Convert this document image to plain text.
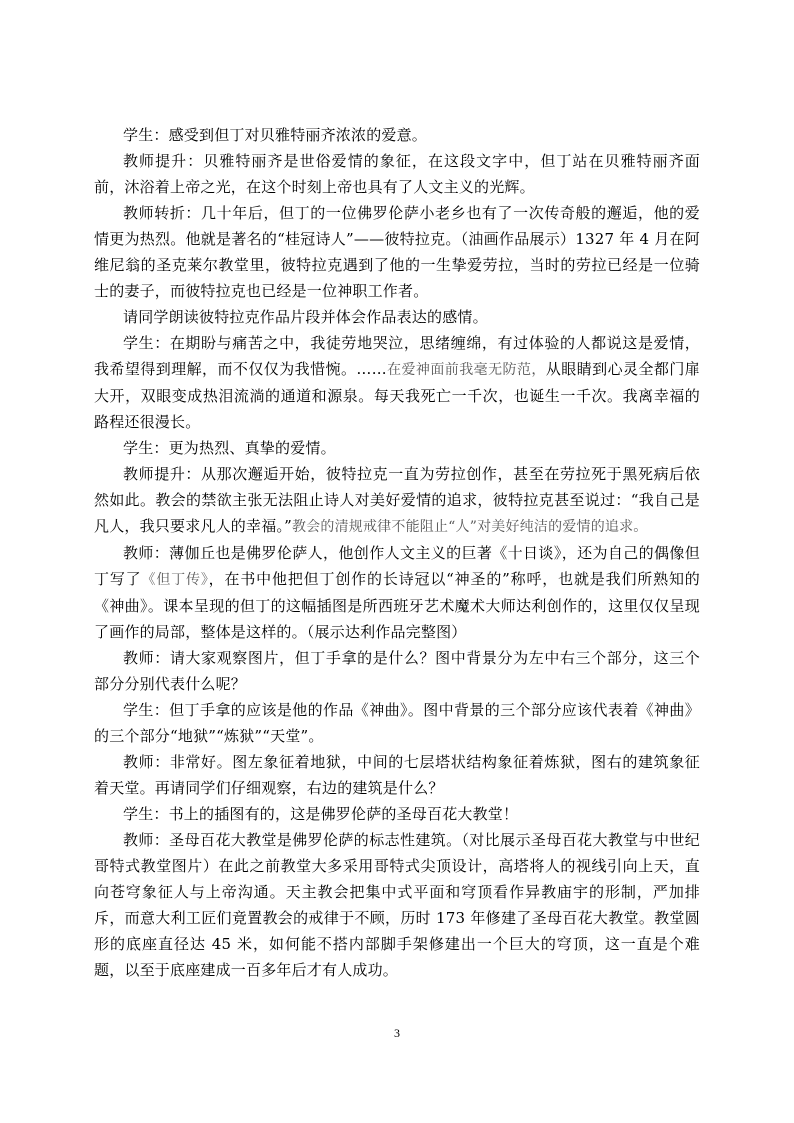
学生：感受到但丁对贝雅特丽齐浓浓的爱意。

教师提升：贝雅特丽齐是世俗爱情的象征，在这段文字中，但丁站在贝雅特丽齐面前，沐浴着上帝之光，在这个时刻上帝也具有了人文主义的光辉。

教师转折：几十年后，但丁的一位佛罗伦萨小老乡也有了一次传奇般的邂逅，他的爱情更为热烈。他就是著名的“桂冠诗人”——彼特拉克。（油画作品展示）1327 年 4 月在阿维尼翁的圣克莱尔教堂里，彼特拉克遇到了他的一生挚爱劳拉，当时的劳拉已经是一位骑士的妻子，而彼特拉克也已经是一位神职工作者。

请同学朗读彼特拉克作品片段并体会作品表达的感情。

学生：在期盼与痛苦之中，我徒劳地哭泣，思绪缠绵，有过体验的人都说这是爱情，我希望得到理解，而不仅仅为我惜惋。……在爱神面前我毫无防范，从眼睛到心灵全都门扉大开，双眼变成热泪流淌的通道和源泉。每天我死亡一千次，也诞生一千次。我离幸福的路程还很漫长。

学生：更为热烈、真挚的爱情。

教师提升：从那次邂逅开始，彼特拉克一直为劳拉创作，甚至在劳拉死于黑死病后依然如此。教会的禁欲主张无法阻止诗人对美好爱情的追求，彼特拉克甚至说过：“我自己是凡人，我只要求凡人的幸福。”教会的清规戒律不能阻止“人”对美好纯洁的爱情的追求。

教师：薄伽丘也是佛罗伦萨人，他创作人文主义的巨著《十日谈》，还为自己的偶像但丁写了《但丁传》，在书中他把但丁创作的长诗冠以“神圣的”称呼，也就是我们所熟知的《神曲》。课本呈现的但丁的这幅插图是所西班牙艺术魔术大师达利创作的，这里仅仅呈现了画作的局部，整体是这样的。（展示达利作品完整图）

教师：请大家观察图片，但丁手拿的是什么？图中背景分为左中右三个部分，这三个部分分别代表什么呢？

学生：但丁手拿的应该是他的作品《神曲》。图中背景的三个部分应该代表着《神曲》的三个部分“地狱”“炼狱”“天堂”。

教师：非常好。图左象征着地狱，中间的七层塔状结构象征着炼狱，图右的建筑象征着天堂。再请同学们仔细观察，右边的建筑是什么？

学生：书上的插图有的，这是佛罗伦萨的圣母百花大教堂！

教师：圣母百花大教堂是佛罗伦萨的标志性建筑。（对比展示圣母百花大教堂与中世纪哥特式教堂图片）在此之前教堂大多采用哥特式尖顶设计，高塔将人的视线引向上天，直向苍穹象征人与上帝沟通。天主教会把集中式平面和穹顶看作异教庙宇的形制，严加排斥，而意大利工匠们竟置教会的戒律于不顾，历时 173 年修建了圣母百花大教堂。教堂圆形的底座直径达 45 米，如何能不搭内部脚手架修建出一个巨大的穹顶，这一直是个难题，以至于底座建成一百多年后才有人成功。

3
